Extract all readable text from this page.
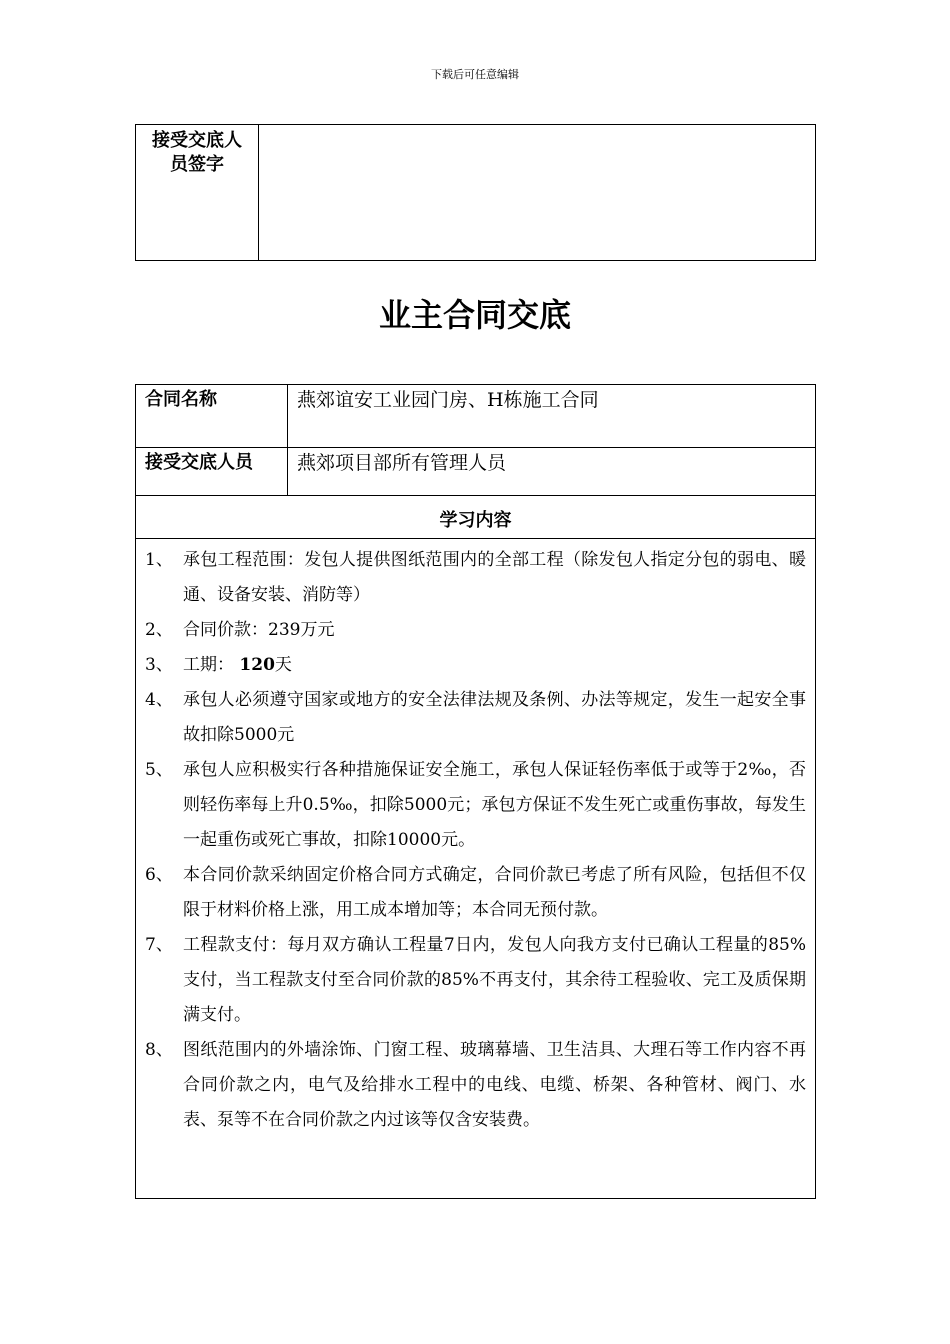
下载后可任意编辑
接受交底人员签字
业主合同交底
合同名称	燕郊谊安工业园门房、H栋施工合同
接受交底人员	燕郊项目部所有管理人员
学习内容
1、 承包工程范围：发包人提供图纸范围内的全部工程（除发包人指定分包的弱电、暖通、设备安装、消防等）
2、 合同价款：239万元
3、 工期： 120天
4、 承包人必须遵守国家或地方的安全法律法规及条例、办法等规定，发生一起安全事故扣除5000元
5、 承包人应积极实行各种措施保证安全施工，承包人保证轻伤率低于或等于2‰，否则轻伤率每上升0.5‰，扣除5000元；承包方保证不发生死亡或重伤事故，每发生一起重伤或死亡事故，扣除10000元。
6、 本合同价款采纳固定价格合同方式确定，合同价款已考虑了所有风险，包括但不仅限于材料价格上涨，用工成本增加等；本合同无预付款。
7、 工程款支付：每月双方确认工程量7日内，发包人向我方支付已确认工程量的85%支付，当工程款支付至合同价款的85%不再支付，其余待工程验收、完工及质保期满支付。
8、 图纸范围内的外墙涂饰、门窗工程、玻璃幕墙、卫生洁具、大理石等工作内容不再合同价款之内，电气及给排水工程中的电线、电缆、桥架、各种管材、阀门、水表、泵等不在合同价款之内过该等仅含安装费。
